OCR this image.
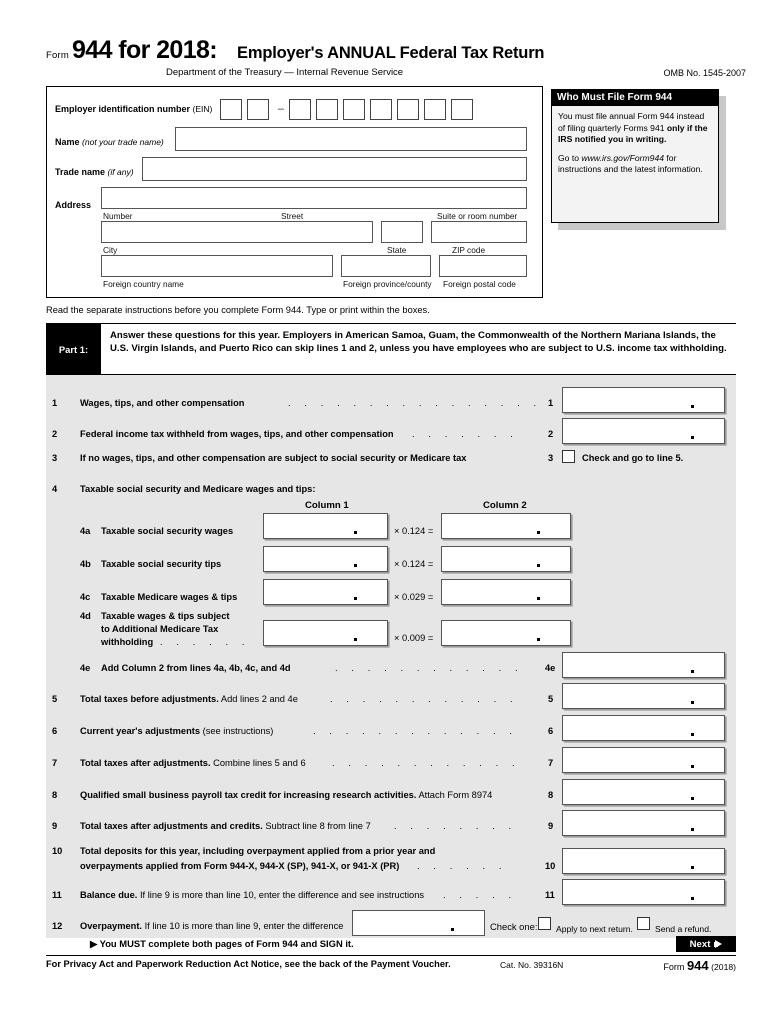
Form 944 for 2018: Employer's ANNUAL Federal Tax Return
Department of the Treasury — Internal Revenue Service	OMB No. 1545-2007
Who Must File Form 944
You must file annual Form 944 instead of filing quarterly Forms 941 only if the IRS notified you in writing.
Go to www.irs.gov/Form944 for instructions and the latest information.
Employer identification number (EIN)	–
Name (not your trade name)
Trade name (if any)
Address
Number	Street	Suite or room number
City	State	ZIP code
Foreign country name	Foreign province/county Foreign postal code
Read the separate instructions before you complete Form 944. Type or print within the boxes.
Part 1:
Answer these questions for this year. Employers in American Samoa, Guam, the Commonwealth of the Northern Mariana Islands, the U.S. Virgin Islands, and Puerto Rico can skip lines 1 and 2, unless you have employees who are subject to U.S. income tax withholding.
1 Wages, tips, and other compensation	. . . . . . . . . . . . . . . . 1
2 Federal income tax withheld from wages, tips, and other compensation . . . . . . .	2
3 If no wages, tips, and other compensation are subject to social security or Medicare tax	3	Check and go to line 5.
4 Taxable social security and Medicare wages and tips:
Column 1	Column 2
4a Taxable social security wages	× 0.124 =
4b Taxable social security tips	× 0.124 =
4c Taxable Medicare wages & tips	× 0.029 =
4d Taxable wages & tips subject
to Additional Medicare Tax
withholding . . . . . .	× 0.009 =
4e Add Column 2 from lines 4a, 4b, 4c, and 4d	. . . . . . . . . . . . 4e
5 Total taxes before adjustments. Add lines 2 and 4e	. . . . . . . . . . . .	5
6 Current year's adjustments (see instructions)	. . . . . . . . . . . . .	6
7 Total taxes after adjustments. Combine lines 5 and 6	. . . . . . . . . . . .	7
8 Qualified small business payroll tax credit for increasing research activities. Attach Form 8974	8
9 Total taxes after adjustments and credits. Subtract line 8 from line 7	. . . . . . . .	9
10 Total deposits for this year, including overpayment applied from a prior year and
overpayments applied from Form 944-X, 944-X (SP), 941-X, or 941-X (PR) . . . . . .	10
11 Balance due. If line 9 is more than line 10, enter the difference and see instructions . . . . .	11
12 Overpayment. If line 10 is more than line 9, enter the difference	Check one: Apply to next return.	Send a refund.
▶ You MUST complete both pages of Form 944 and SIGN it.	Next
For Privacy Act and Paperwork Reduction Act Notice, see the back of the Payment Voucher.	Cat. No. 39316N	Form 944 (2018)
